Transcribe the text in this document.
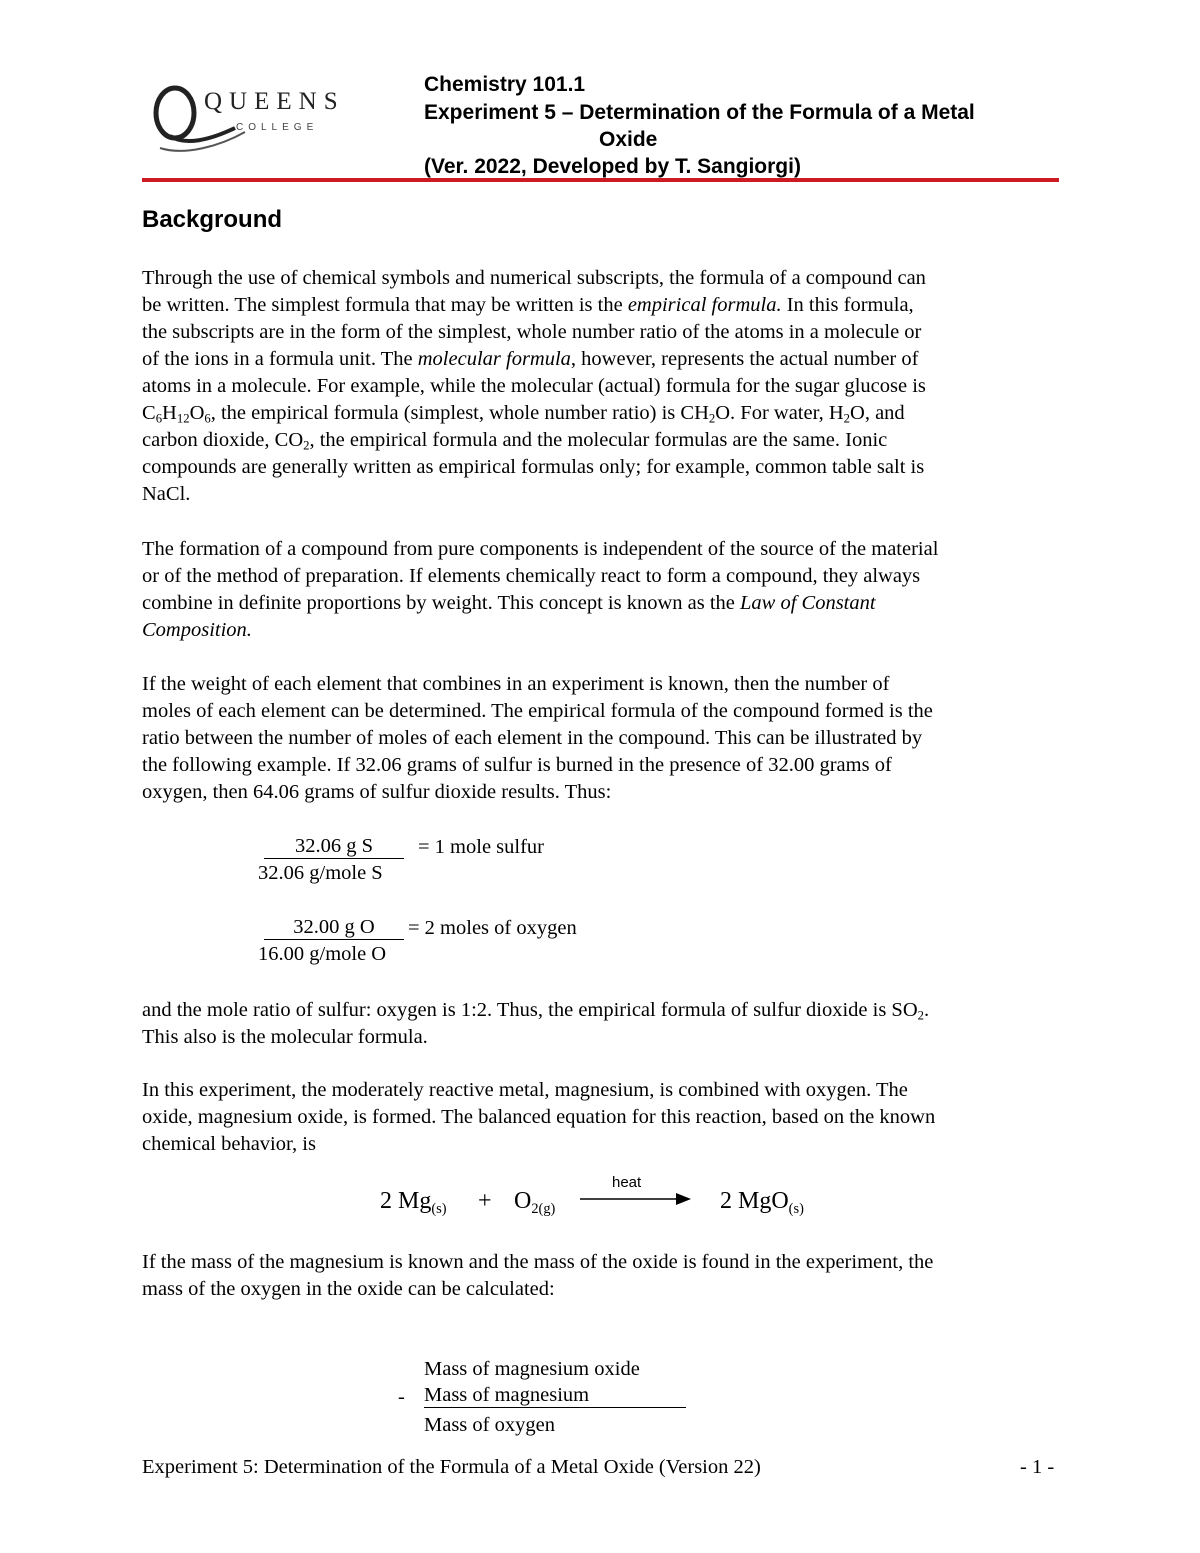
QUEENS
COLLEGE
Chemistry 101.1
Experiment 5 – Determination of the Formula of a Metal
Oxide
(Ver. 2022, Developed by T. Sangiorgi)
Background
Through the use of chemical symbols and numerical subscripts, the formula of a compound can
be written. The simplest formula that may be written is the empirical formula. In this formula,
the subscripts are in the form of the simplest, whole number ratio of the atoms in a molecule or
of the ions in a formula unit. The molecular formula, however, represents the actual number of
atoms in a molecule. For example, while the molecular (actual) formula for the sugar glucose is
$C_6H_{12}O_6$, the empirical formula (simplest, whole number ratio) is $CH_2O$. For water, $H_2O$, and
carbon dioxide, $CO_2$, the empirical formula and the molecular formulas are the same. Ionic
compounds are generally written as empirical formulas only; for example, common table salt is
NaCl.
The formation of a compound from pure components is independent of the source of the material
or of the method of preparation. If elements chemically react to form a compound, they always
combine in definite proportions by weight. This concept is known as the Law of Constant
Composition.
If the weight of each element that combines in an experiment is known, then the number of
moles of each element can be determined. The empirical formula of the compound formed is the
ratio between the number of moles of each element in the compound. This can be illustrated by
the following example. If 32.06 grams of sulfur is burned in the presence of 32.00 grams of
oxygen, then 64.06 grams of sulfur dioxide results. Thus:
32.06 g S
32.06 g/mole S
= 1 mole sulfur
32.00 g O
16.00 g/mole O
= 2 moles of oxygen
and the mole ratio of sulfur: oxygen is 1:2. Thus, the empirical formula of sulfur dioxide is $SO_2$.
This also is the molecular formula.
In this experiment, the moderately reactive metal, magnesium, is combined with oxygen. The
oxide, magnesium oxide, is formed. The balanced equation for this reaction, based on the known
chemical behavior, is
2 $Mg_{(s)} + O_{2(g)}$
heat
2 MgO$_{(s)}$
If the mass of the magnesium is known and the mass of the oxide is found in the experiment, the
mass of the oxygen in the oxide can be calculated:
Mass of magnesium oxide
- Mass of magnesium
Mass of oxygen
Experiment 5: Determination of the Formula of a Metal Oxide (Version 22)	- 1 -
